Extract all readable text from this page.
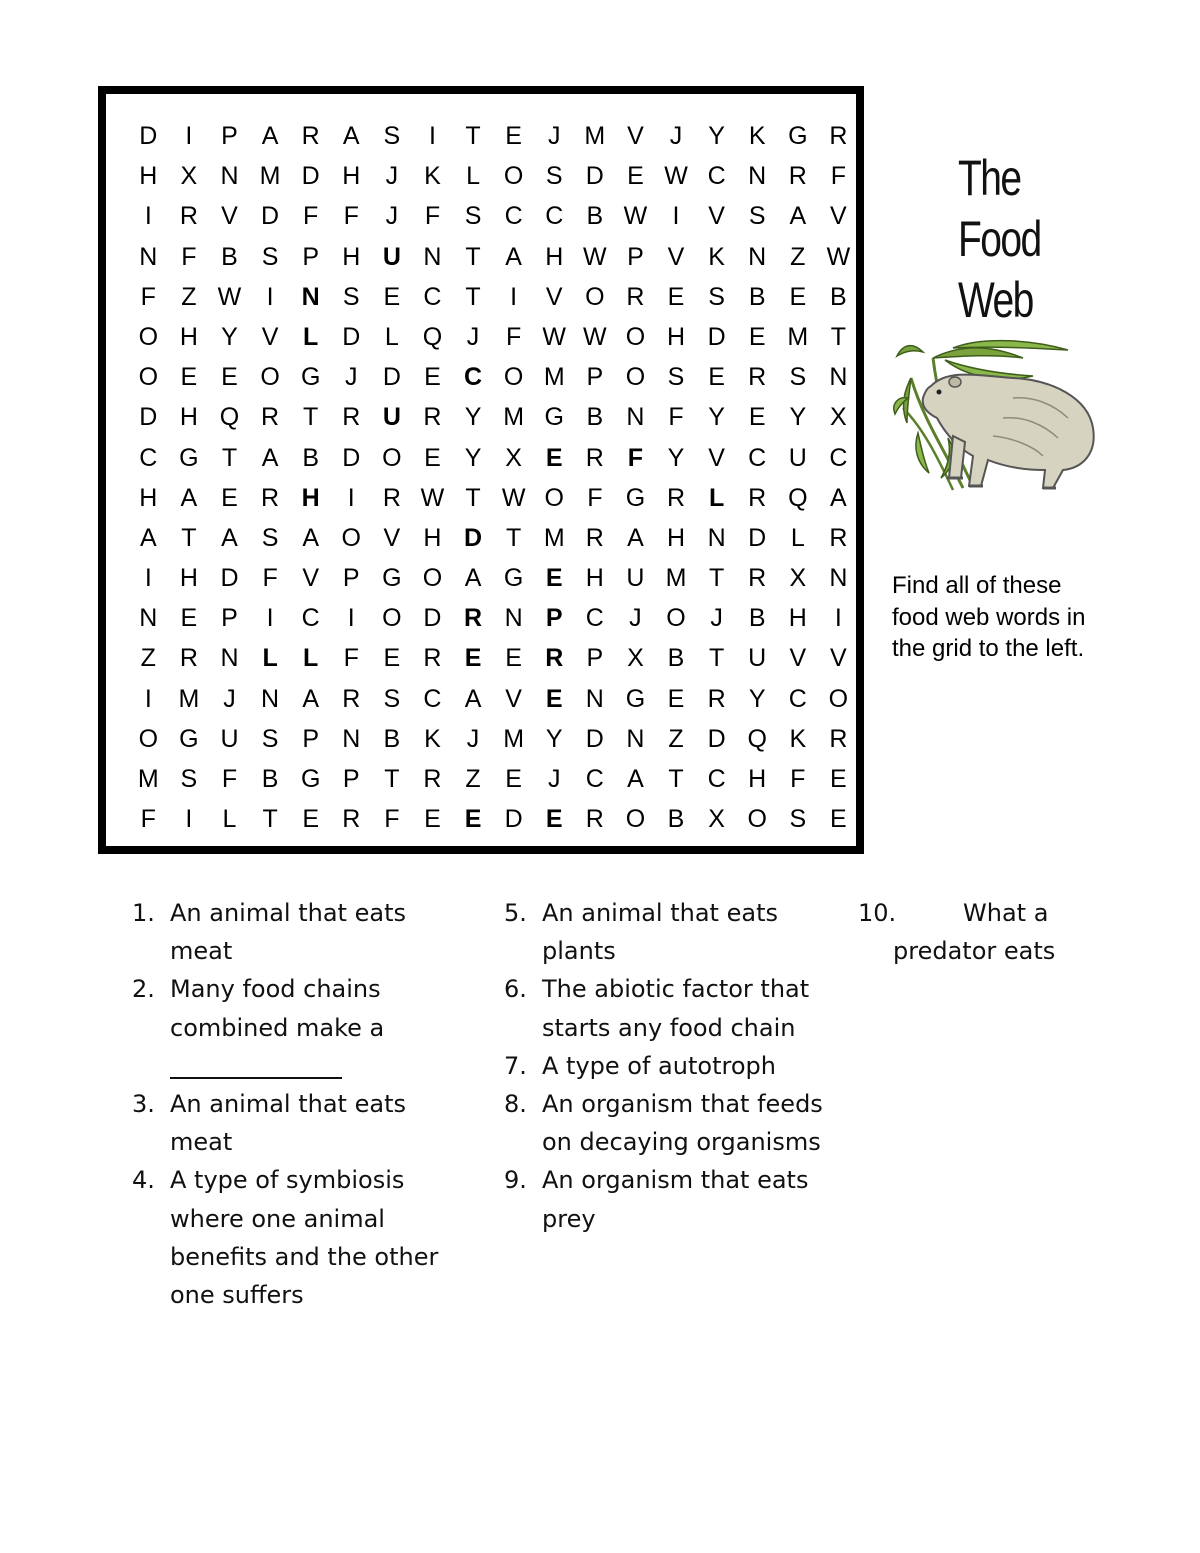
D I P A R A S I T E J M V J Y K G R
H X N M D H J K L O S D E W C N R F
I R V D F F J F S C C B W I V S A V
N F B S P H U N T A H W P V K N Z W
F Z W I N S E C T I V O R E S B E B
O H Y V L D L Q J F W W O H D E M T
O E E O G J D E C O M P O S E R S N
D H Q R T R U R Y M G B N F Y E Y X
C G T A B D O E Y X E R F Y V C U C
H A E R H I R W T W O F G R L R Q A
A T A S A O V H D T M R A H N D L R
I H D F V P G O A G E H U M T R X N
N E P I C I O D R N P C J O J B H I
Z R N L L F E R E E R P X B T U V V
I M J N A R S C A V E N G E R Y C O
O G U S P N B K J M Y D N Z D Q K R
M S F B G P T R Z E J C A T C H F E
F I L T E R F E E D E R O B X O S E
The
Food
Web
Find all of these food web words in the grid to the left.
1. An animal that eats meat
2. Many food chains combined make a
3. An animal that eats meat
4. A type of symbiosis where one animal benefits and the other one suffers
5. An animal that eats plants
6. The abiotic factor that starts any food chain
7. A type of autotroph
8. An organism that feeds on decaying organisms
9. An organism that eats prey
10.	What a predator eats
